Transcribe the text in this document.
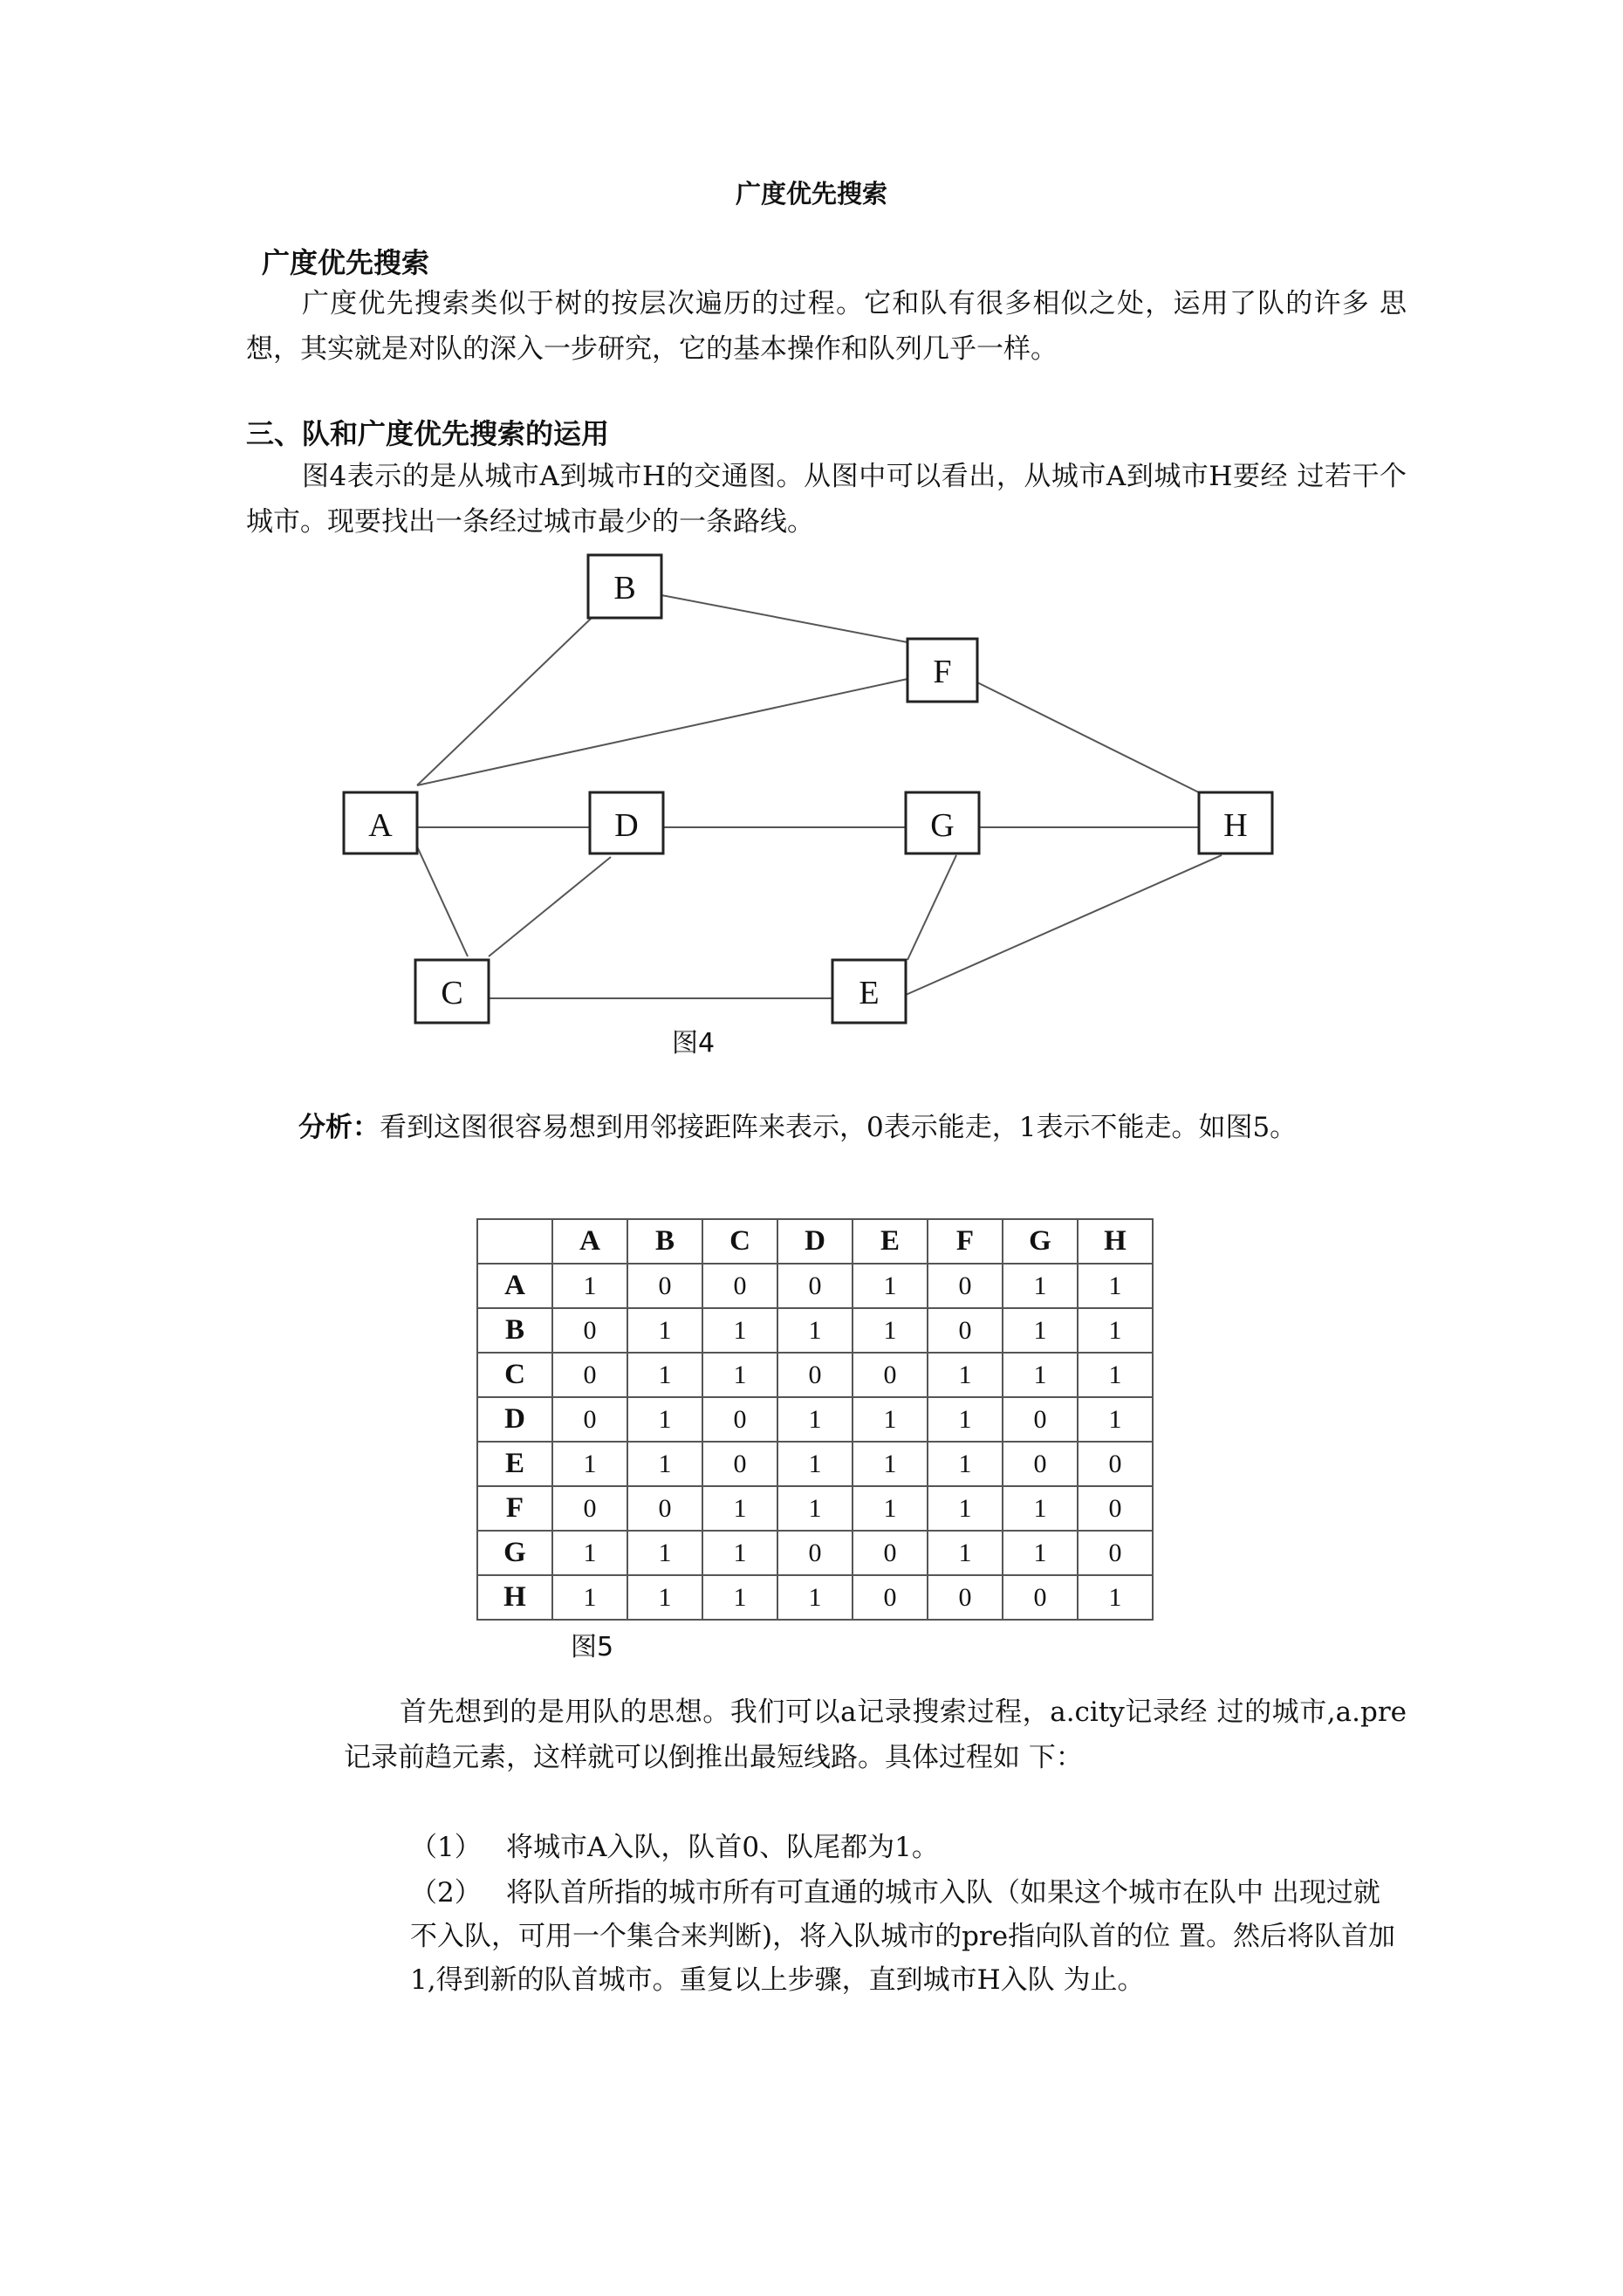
广度优先搜索
广度优先搜索
广度优先搜索类似于树的按层次遍历的过程。它和队有很多相似之处，运用了队的许多 思想，其实就是对队的深入一步研究，它的基本操作和队列几乎一样。
三、队和广度优先搜索的运用
图4表示的是从城市A到城市H的交通图。从图中可以看出，从城市A到城市H要经 过若干个城市。现要找出一条经过城市最少的一条路线。
B
F
A	D	G	H
C	E
图4
分析：看到这图很容易想到用邻接距阵来表示，0表示能走，1表示不能走。如图5。
	A	B	C	D	E	F	G	H
A	1	0	0	0	1	0	1	1
B	0	1	1	1	1	0	1	1
C	0	1	1	0	0	1	1	1
D	0	1	0	1	1	1	0	1
E	1	1	0	1	1	1	0	0
F	0	0	1	1	1	1	1	0
G	1	1	1	0	0	1	1	0
H	1	1	1	1	0	0	0	1
图5
首先想到的是用队的思想。我们可以a记录搜索过程，a.city记录经 过的城市,a.pre记录前趋元素，这样就可以倒推出最短线路。具体过程如 下：
（1） 将城市A入队，队首0、队尾都为1。
（2） 将队首所指的城市所有可直通的城市入队（如果这个城市在队中 出现过就不入队，可用一个集合来判断)，将入队城市的pre指向队首的位 置。然后将队首加1,得到新的队首城市。重复以上步骤，直到城市H入队 为止。
